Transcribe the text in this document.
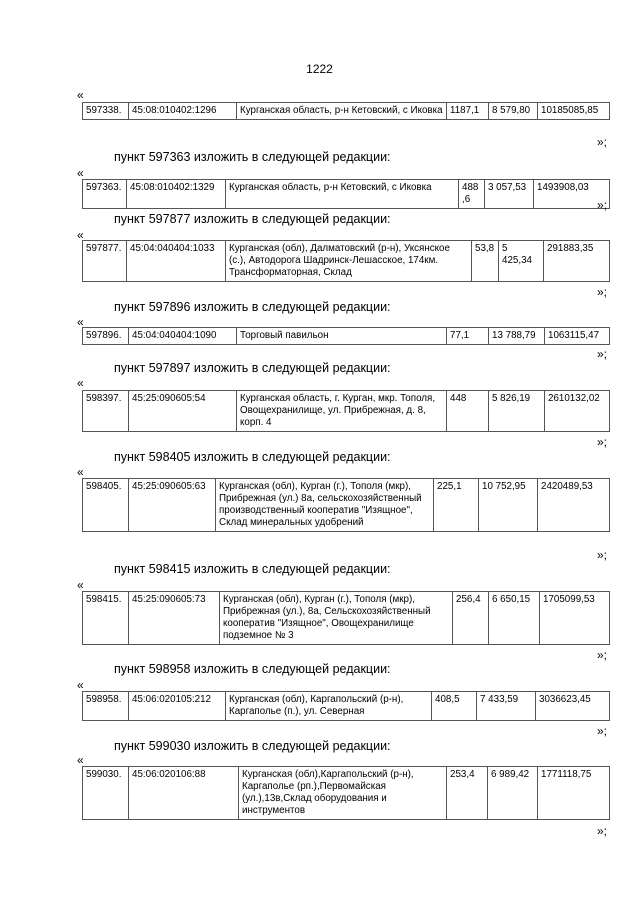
1222
«
597338.	45:08:010402:1296	Курганская область, р-н Кетовский, с Иковка	1187,1	8 579,80	10185085,85
»;
пункт 597363 изложить в следующей редакции:
«
597363.	45:08:010402:1329	Курганская область, р-н Кетовский, с Иковка	488,6	3 057,53	1493908,03
»;
пункт 597877 изложить в следующей редакции:
«
597877.	45:04:040404:1033	Курганская (обл), Далматовский (р-н), Уксянское (с.), Автодорога Шадринск-Лешасское, 174км. Трансформаторная, Склад	53,8	5 425,34	291883,35
»;
пункт 597896 изложить в следующей редакции:
«
597896.	45:04:040404:1090	Торговый павильон	77,1	13 788,79	1063115,47
»;
пункт 597897 изложить в следующей редакции:
«
598397.	45:25:090605:54	Курганская область, г. Курган, мкр. Тополя, Овощехранилище, ул. Прибрежная, д. 8, корп. 4	448	5 826,19	2610132,02
»;
пункт 598405 изложить в следующей редакции:
«
598405.	45:25:090605:63	Курганская (обл), Курган (г.), Тополя (мкр), Прибрежная (ул.) 8а, сельскохозяйственный производственный кооператив "Изящное", Склад минеральных удобрений	225,1	10 752,95	2420489,53
»;
пункт 598415 изложить в следующей редакции:
«
598415.	45:25:090605:73	Курганская (обл), Курган (г.), Тополя (мкр), Прибрежная (ул.), 8а, Сельскохозяйственный кооператив "Изящное", Овощехранилище подземное № 3	256,4	6 650,15	1705099,53
»;
пункт 598958 изложить в следующей редакции:
«
598958.	45:06:020105:212	Курганская (обл), Каргапольский (р-н), Каргаполье (п.), ул. Северная	408,5	7 433,59	3036623,45
»;
пункт 599030 изложить в следующей редакции:
«
599030.	45:06:020106:88	Курганская (обл),Каргапольский (р-н), Каргаполье (рп.),Первомайская (ул.),13в,Склад оборудования и инструментов	253,4	6 989,42	1771118,75
»;
